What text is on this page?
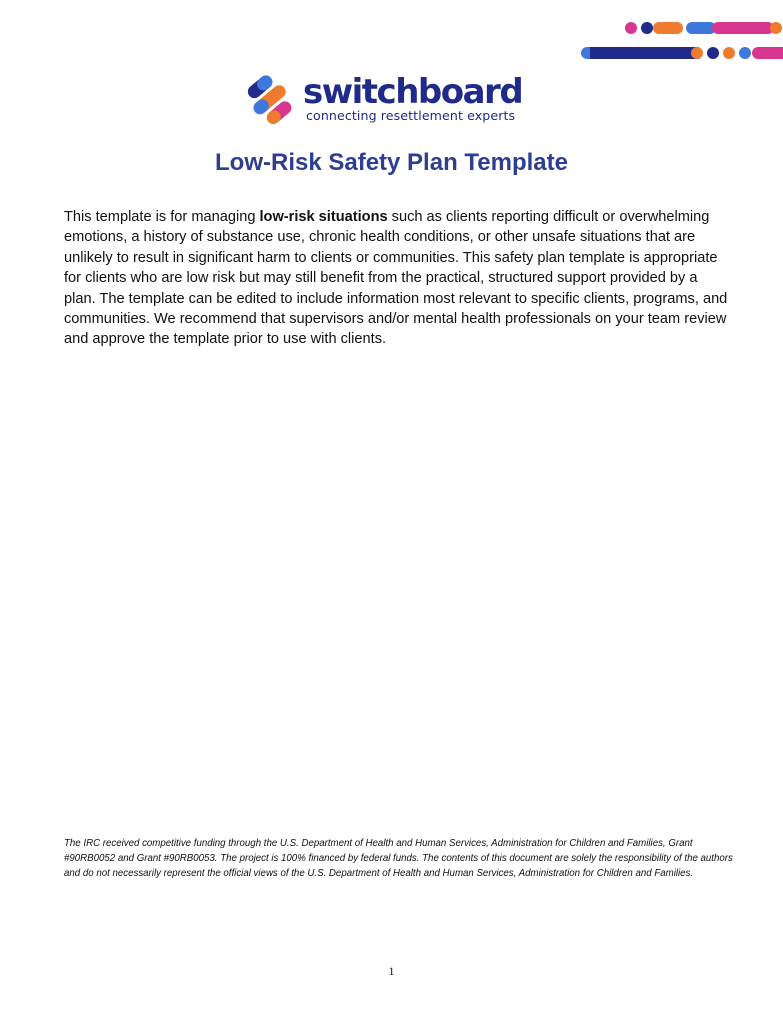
switchboard
connecting resettlement experts
Low-Risk Safety Plan Template

This template is for managing low-risk situations such as clients reporting difficult or overwhelming emotions, a history of substance use, chronic health conditions, or other unsafe situations that are unlikely to result in significant harm to clients or communities. This safety plan template is appropriate for clients who are low risk but may still benefit from the practical, structured support provided by a plan. The template can be edited to include information most relevant to specific clients, programs, and communities. We recommend that supervisors and/or mental health professionals on your team review and approve the template prior to use with clients.

The IRC received competitive funding through the U.S. Department of Health and Human Services, Administration for Children and Families, Grant #90RB0052 and Grant #90RB0053. The project is 100% financed by federal funds. The contents of this document are solely the responsibility of the authors and do not necessarily represent the official views of the U.S. Department of Health and Human Services, Administration for Children and Families.

1
